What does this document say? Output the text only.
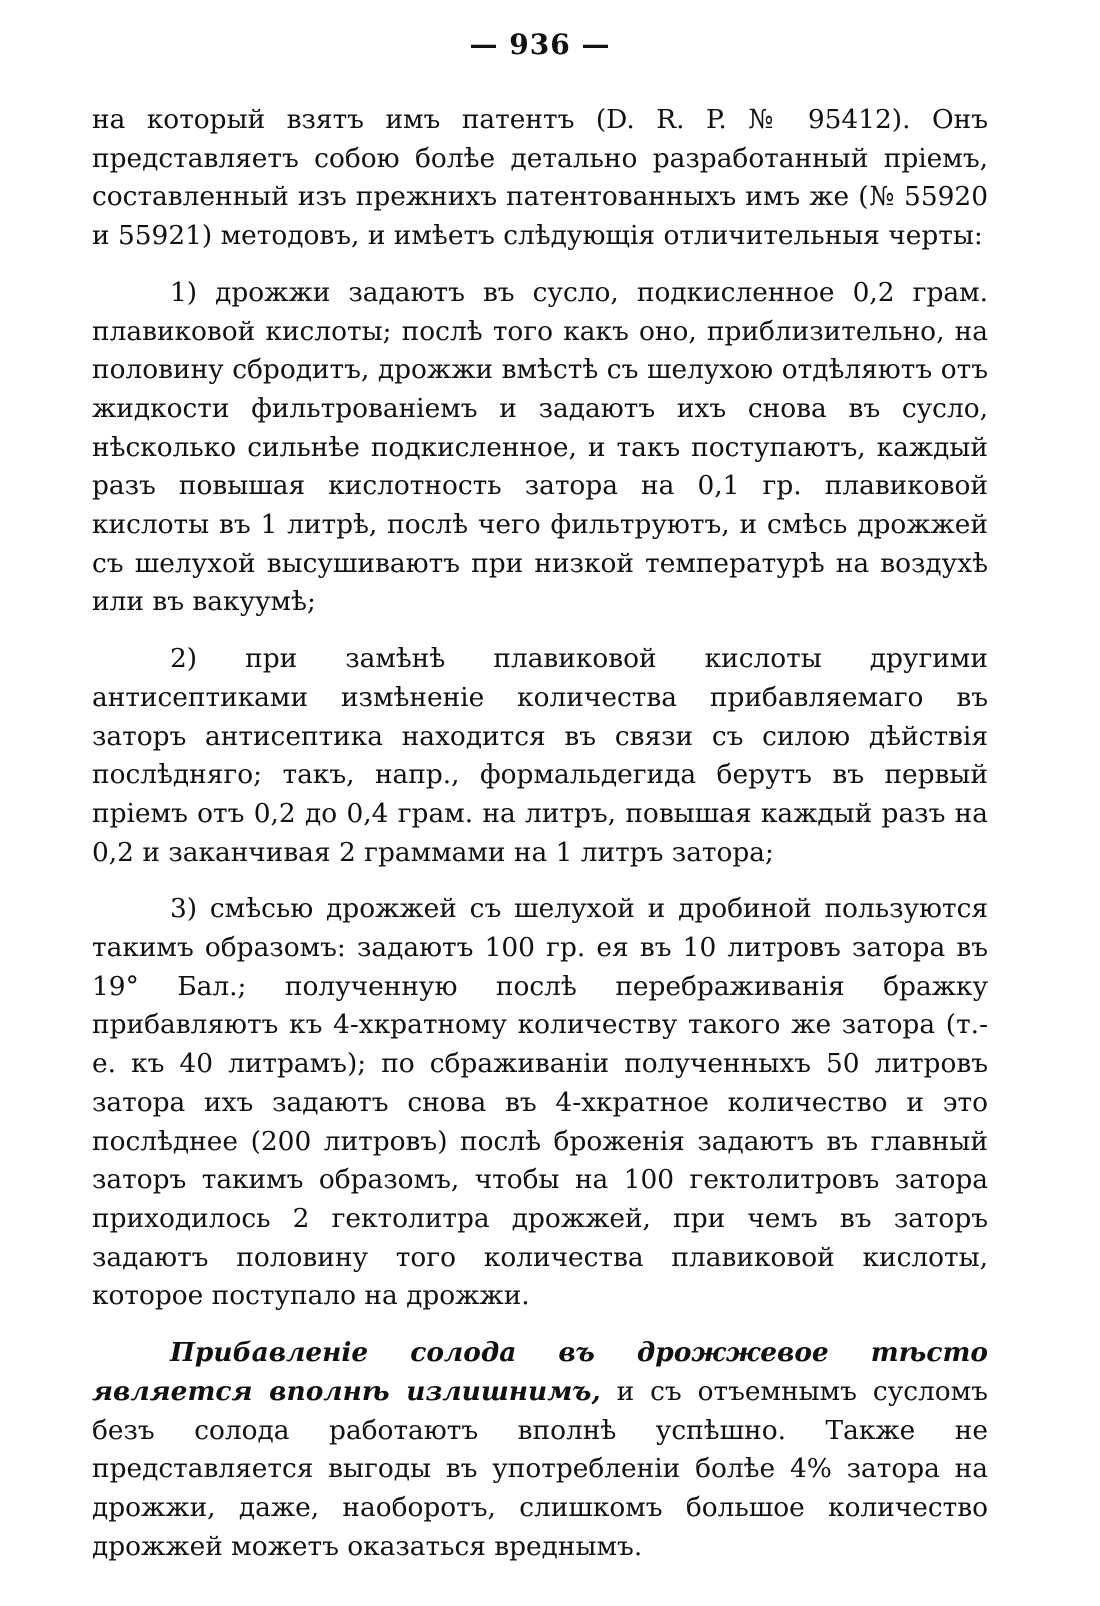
— 936 —

на который взятъ имъ патентъ (D. R. P. № 95412). Онъ представляетъ собою болѣе детально разработанный пріемъ, составленный изъ прежнихъ патентованныхъ имъ же (№ 55920 и 55921) методовъ, и имѣетъ слѣдующія отличительныя черты:

1) дрожжи задаютъ въ сусло, подкисленное 0,2 грам. плавиковой кислоты; послѣ того какъ оно, приблизительно, на половину сбродитъ, дрожжи вмѣстѣ съ шелухою отдѣляютъ отъ жидкости фильтрованіемъ и задаютъ ихъ снова въ сусло, нѣсколько сильнѣе подкисленное, и такъ поступаютъ, каждый разъ повышая кислотность затора на 0,1 гр. плавиковой кислоты въ 1 литрѣ, послѣ чего фильтруютъ, и смѣсь дрожжей съ шелухой высушиваютъ при низкой температурѣ на воздухѣ или въ вакуумѣ;

2) при замѣнѣ плавиковой кислоты другими антисептиками измѣненіе количества прибавляемаго въ заторъ антисептика находится въ связи съ силою дѣйствія послѣдняго; такъ, напр., формальдегида берутъ въ первый пріемъ отъ 0,2 до 0,4 грам. на литръ, повышая каждый разъ на 0,2 и заканчивая 2 граммами на 1 литръ затора;

3) смѣсью дрожжей съ шелухой и дробиной пользуются такимъ образомъ: задаютъ 100 гр. ея въ 10 литровъ затора въ 19° Бал.; полученную послѣ перебраживанія бражку прибавляютъ къ 4-хкратному количеству такого же затора (т.-е. къ 40 литрамъ); по сбраживаніи полученныхъ 50 литровъ затора ихъ задаютъ снова въ 4-хкратное количество и это послѣднее (200 литровъ) послѣ броженія задаютъ въ главный заторъ такимъ образомъ, чтобы на 100 гектолитровъ затора приходилось 2 гектолитра дрожжей, при чемъ въ заторъ задаютъ половину того количества плавиковой кислоты, которое поступало на дрожжи.

Прибавленіе солода въ дрожжевое тѣсто является вполнѣ излишнимъ, и съ отъемнымъ сусломъ безъ солода работаютъ вполнѣ успѣшно. Также не представляется выгоды въ употребленіи болѣе 4% затора на дрожжи, даже, наоборотъ, слишкомъ большое количество дрожжей можетъ оказаться вреднымъ.
